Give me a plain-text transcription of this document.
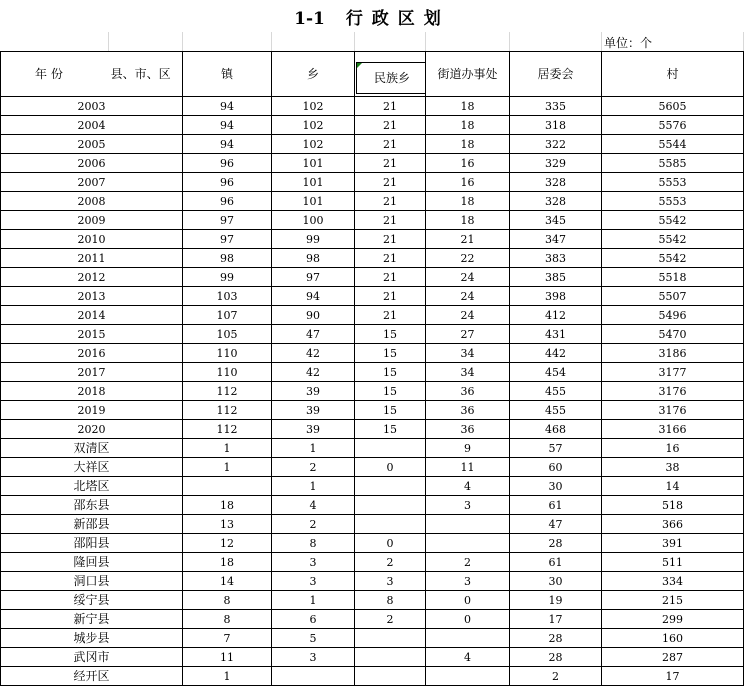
1-1 行政区划
单位：个
年 份 县、市、区	镇	乡	民族乡	街道办事处	居委会	村
2003	94	102	21	18	335	5605
2004	94	102	21	18	318	5576
2005	94	102	21	18	322	5544
2006	96	101	21	16	329	5585
2007	96	101	21	16	328	5553
2008	96	101	21	18	328	5553
2009	97	100	21	18	345	5542
2010	97	99	21	21	347	5542
2011	98	98	21	22	383	5542
2012	99	97	21	24	385	5518
2013	103	94	21	24	398	5507
2014	107	90	21	24	412	5496
2015	105	47	15	27	431	5470
2016	110	42	15	34	442	3186
2017	110	42	15	34	454	3177
2018	112	39	15	36	455	3176
2019	112	39	15	36	455	3176
2020	112	39	15	36	468	3166
双清区	1	1		9	57	16
大祥区	1	2	0	11	60	38
北塔区		1		4	30	14
邵东县	18	4		3	61	518
新邵县	13	2			47	366
邵阳县	12	8	0		28	391
隆回县	18	3	2	2	61	511
洞口县	14	3	3	3	30	334
绥宁县	8	1	8	0	19	215
新宁县	8	6	2	0	17	299
城步县	7	5			28	160
武冈市	11	3		4	28	287
经开区	1				2	17
